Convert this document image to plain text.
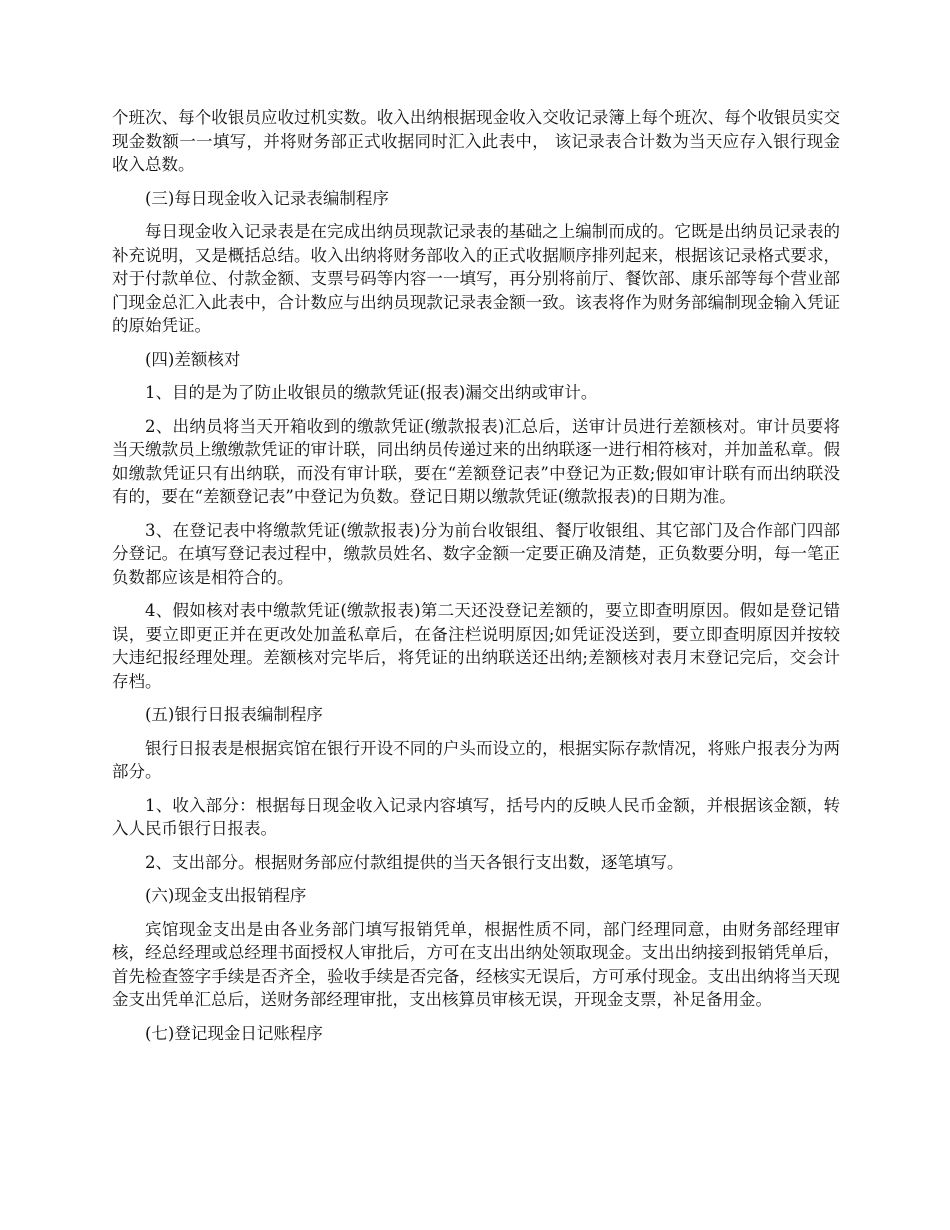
个班次、每个收银员应收过机实数。收入出纳根据现金收入交收记录簿上每个班次、每个收银员实交现金数额一一填写，并将财务部正式收据同时汇入此表中， 该记录表合计数为当天应存入银行现金收入总数。

(三)每日现金收入记录表编制程序

每日现金收入记录表是在完成出纳员现款记录表的基础之上编制而成的。它既是出纳员记录表的补充说明，又是概括总结。收入出纳将财务部收入的正式收据顺序排列起来，根据该记录格式要求，对于付款单位、付款金额、支票号码等内容一一填写，再分别将前厅、餐饮部、康乐部等每个营业部门现金总汇入此表中，合计数应与出纳员现款记录表金额一致。该表将作为财务部编制现金输入凭证的原始凭证。

(四)差额核对

1、目的是为了防止收银员的缴款凭证(报表)漏交出纳或审计。

2、出纳员将当天开箱收到的缴款凭证(缴款报表)汇总后，送审计员进行差额核对。审计员要将当天缴款员上缴缴款凭证的审计联，同出纳员传递过来的出纳联逐一进行相符核对，并加盖私章。假如缴款凭证只有出纳联，而没有审计联，要在“差额登记表”中登记为正数;假如审计联有而出纳联没有的，要在“差额登记表”中登记为负数。登记日期以缴款凭证(缴款报表)的日期为准。

3、在登记表中将缴款凭证(缴款报表)分为前台收银组、餐厅收银组、其它部门及合作部门四部分登记。在填写登记表过程中，缴款员姓名、数字金额一定要正确及清楚，正负数要分明，每一笔正负数都应该是相符合的。

4、假如核对表中缴款凭证(缴款报表)第二天还没登记差额的，要立即查明原因。假如是登记错误，要立即更正并在更改处加盖私章后，在备注栏说明原因;如凭证没送到，要立即查明原因并按较大违纪报经理处理。差额核对完毕后，将凭证的出纳联送还出纳;差额核对表月末登记完后，交会计存档。

(五)银行日报表编制程序

银行日报表是根据宾馆在银行开设不同的户头而设立的，根据实际存款情况，将账户报表分为两部分。

1、收入部分：根据每日现金收入记录内容填写，括号内的反映人民币金额，并根据该金额，转入人民币银行日报表。

2、支出部分。根据财务部应付款组提供的当天各银行支出数，逐笔填写。

(六)现金支出报销程序

宾馆现金支出是由各业务部门填写报销凭单，根据性质不同，部门经理同意，由财务部经理审核，经总经理或总经理书面授权人审批后，方可在支出出纳处领取现金。支出出纳接到报销凭单后，首先检查签字手续是否齐全，验收手续是否完备，经核实无误后，方可承付现金。支出出纳将当天现金支出凭单汇总后，送财务部经理审批，支出核算员审核无误，开现金支票，补足备用金。

(七)登记现金日记账程序
